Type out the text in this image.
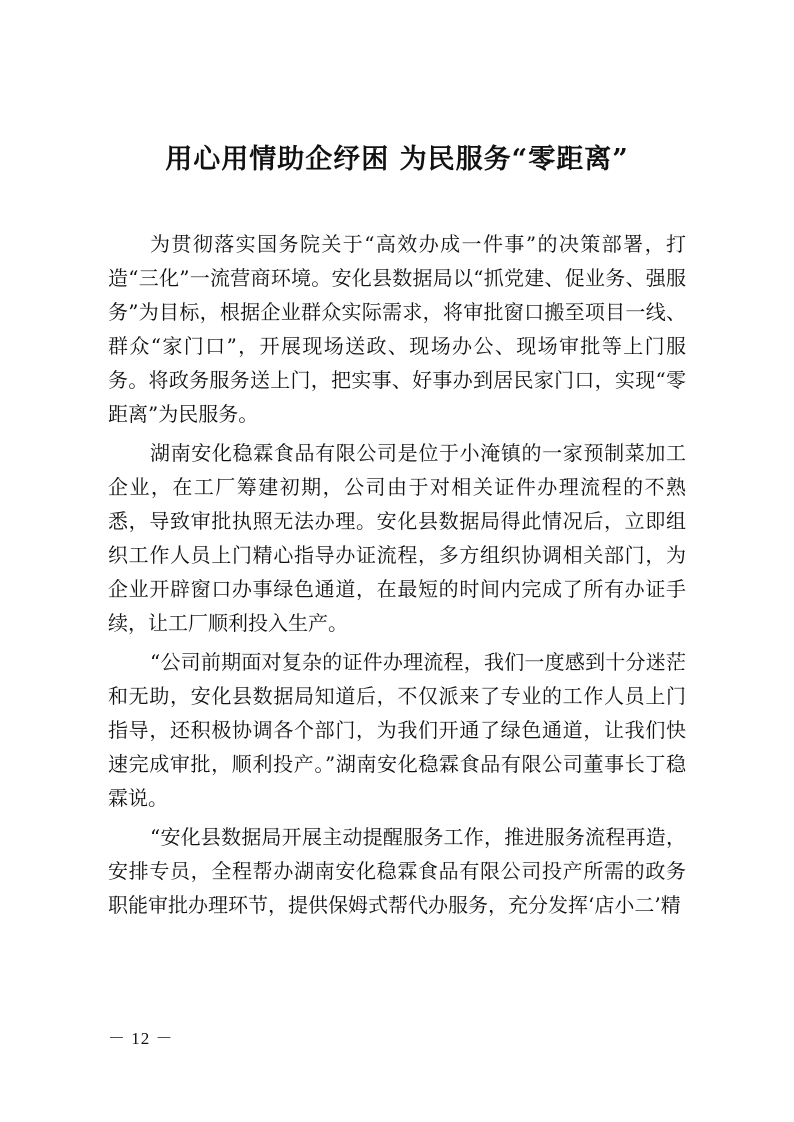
用心用情助企纾困 为民服务“零距离”

为贯彻落实国务院关于“高效办成一件事”的决策部署，打造“三化”一流营商环境。安化县数据局以“抓党建、促业务、强服务”为目标，根据企业群众实际需求，将审批窗口搬至项目一线、群众“家门口”，开展现场送政、现场办公、现场审批等上门服务。将政务服务送上门，把实事、好事办到居民家门口，实现“零距离”为民服务。

湖南安化稳霖食品有限公司是位于小淹镇的一家预制菜加工企业，在工厂筹建初期，公司由于对相关证件办理流程的不熟悉，导致审批执照无法办理。安化县数据局得此情况后，立即组织工作人员上门精心指导办证流程，多方组织协调相关部门，为企业开辟窗口办事绿色通道，在最短的时间内完成了所有办证手续，让工厂顺利投入生产。

“公司前期面对复杂的证件办理流程，我们一度感到十分迷茫和无助，安化县数据局知道后，不仅派来了专业的工作人员上门指导，还积极协调各个部门，为我们开通了绿色通道，让我们快速完成审批，顺利投产。”湖南安化稳霖食品有限公司董事长丁稳霖说。

“安化县数据局开展主动提醒服务工作，推进服务流程再造，安排专员，全程帮办湖南安化稳霖食品有限公司投产所需的政务职能审批办理环节，提供保姆式帮代办服务，充分发挥‘店小二’精

－ 12 －
